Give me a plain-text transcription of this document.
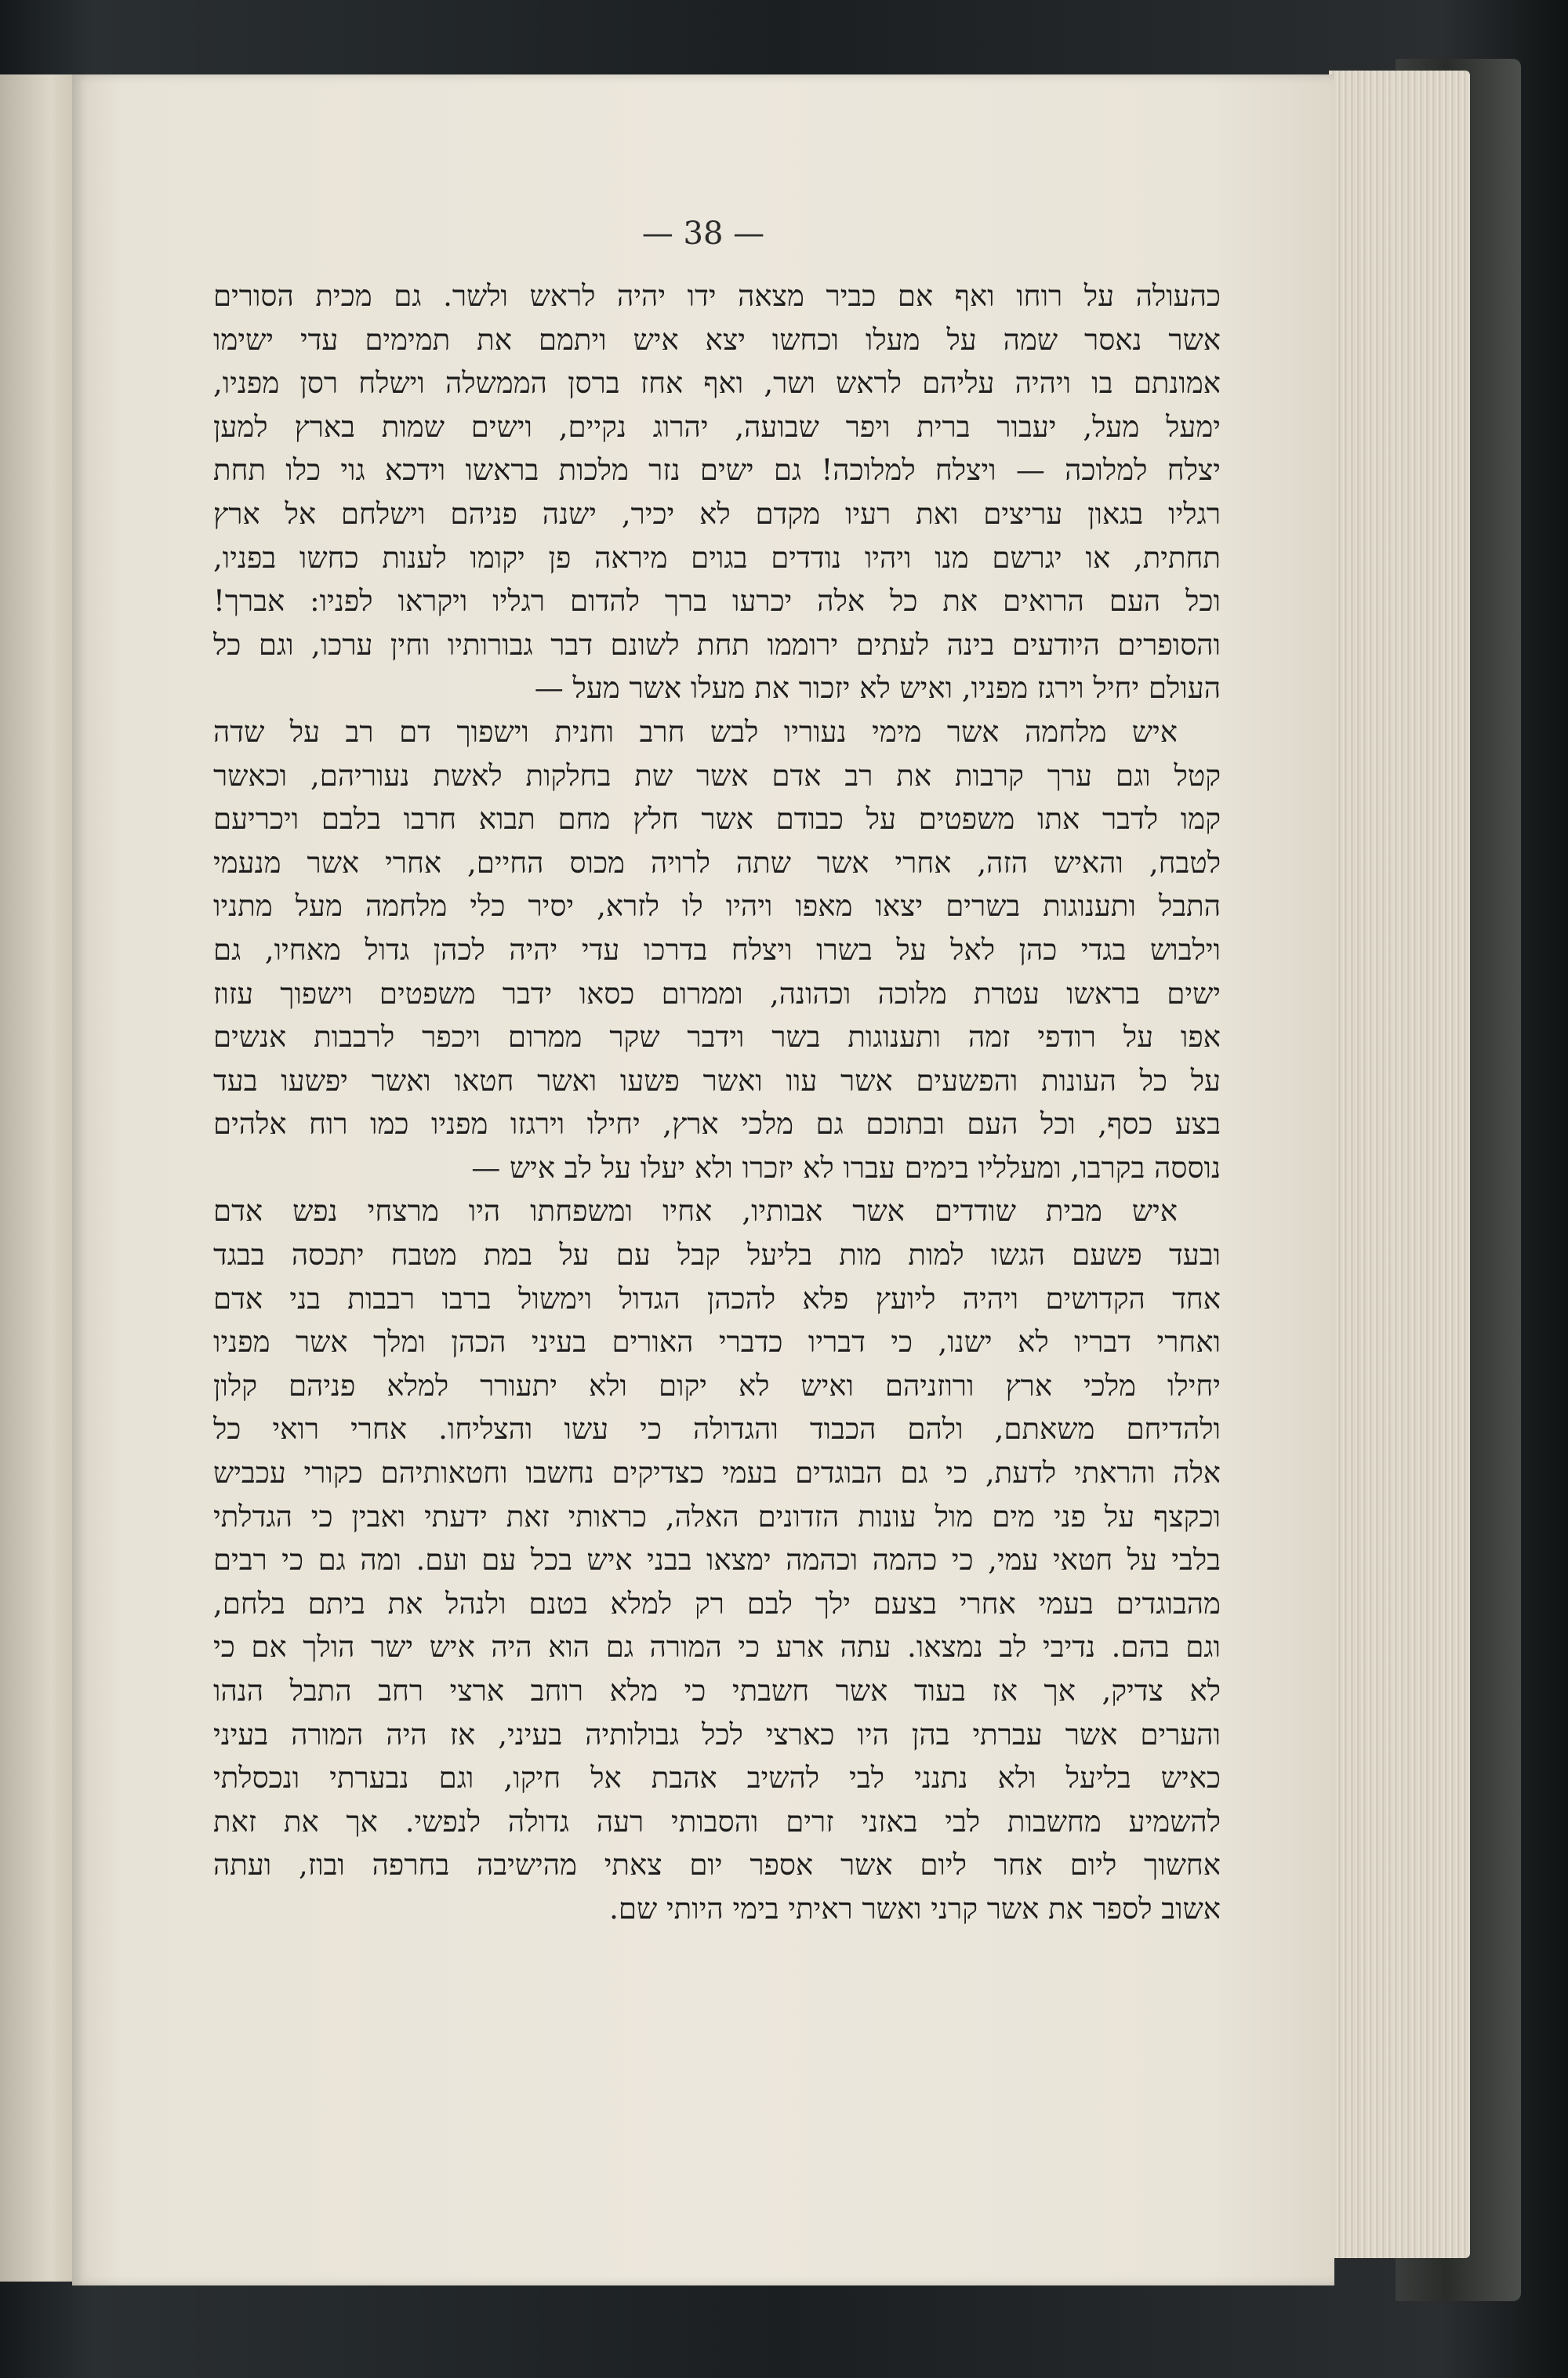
— 38 —
כהעולה על רוחו ואף אם כביר מצאה ידו יהיה לראש ולשר. גם מכית הסורים
אשר נאסר שמה על מעלו וכחשו יצא איש ויתמם את תמימים עדי ישימו
אמונתם בו ויהיה עליהם לראש ושר, ואף אחז ברסן הממשלה וישלח רסן מפניו,
ימעל מעל, יעבור ברית ויפר שבועה, יהרוג נקיים, וישים שמות בארץ למען
יצלח למלוכה — ויצלח למלוכה! גם ישים נזר מלכות בראשו וידכא גוי כלו תחת
רגליו בגאון עריצים ואת רעיו מקדם לא יכיר, ישנה פניהם וישלחם אל ארץ
תחתית, או יגרשם מנו ויהיו נודדים בגוים מיראה פן יקומו לענות כחשו בפניו,
וכל העם הרואים את כל אלה יכרעו ברך להדום רגליו ויקראו לפניו: אברך!
והסופרים היודעים בינה לעתים ירוממו תחת לשונם דבר גבורותיו וחין ערכו, וגם כל
העולם יחיל וירגז מפניו, ואיש לא יזכור את מעלו אשר מעל —
איש מלחמה אשר מימי נעוריו לבש חרב וחנית וישפוך דם רב על שדה
קטל וגם ערך קרבות את רב אדם אשר שת בחלקות לאשת נעוריהם, וכאשר
קמו לדבר אתו משפטים על כבודם אשר חלץ מחם תבוא חרבו בלבם ויכריעם
לטבח, והאיש הזה, אחרי אשר שתה לרויה מכוס החיים, אחרי אשר מנעמי
התבל ותענוגות בשרים יצאו מאפו ויהיו לו לזרא, יסיר כלי מלחמה מעל מתניו
וילבוש בגדי כהן לאל על בשרו ויצלח בדרכו עדי יהיה לכהן גדול מאחיו, גם
ישים בראשו עטרת מלוכה וכהונה, וממרום כסאו ידבר משפטים וישפוך עזוז
אפו על רודפי זמה ותענוגות בשר וידבר שקר ממרום ויכפר לרבבות אנשים
על כל העונות והפשעים אשר עוו ואשר פשעו ואשר חטאו ואשר יפשעו בעד
בצע כסף, וכל העם ובתוכם גם מלכי ארץ, יחילו וירגזו מפניו כמו רוח אלהים
נוססה בקרבו, ומעלליו בימים עברו לא יזכרו ולא יעלו על לב איש —
איש מבית שודדים אשר אבותיו, אחיו ומשפחתו היו מרצחי נפש אדם
ובעד פשעם הגשו למות מות בליעל קבל עם על במת מטבח יתכסה בבגד
אחד הקדושים ויהיה ליועץ פלא להכהן הגדול וימשול ברבו רבבות בני אדם
ואחרי דבריו לא ישנו, כי דבריו כדברי האורים בעיני הכהן ומלך אשר מפניו
יחילו מלכי ארץ ורוזניהם ואיש לא יקום ולא יתעורר למלא פניהם קלון
ולהדיחם משאתם, ולהם הכבוד והגדולה כי עשו והצליחו. אחרי רואי כל
אלה והראתי לדעת, כי גם הבוגדים בעמי כצדיקים נחשבו וחטאותיהם כקורי עכביש
וכקצף על פני מים מול עונות הזדונים האלה, כראותי זאת ידעתי ואבין כי הגדלתי
בלבי על חטאי עמי, כי כהמה וכהמה ימצאו בבני איש בכל עם ועם. ומה גם כי רבים
מהבוגדים בעמי אחרי בצעם ילך לבם רק למלא בטנם ולנהל את ביתם בלחם,
וגם בהם. נדיבי לב נמצאו. עתה ארע כי המורה גם הוא היה איש ישר הולך אם כי
לא צדיק, אך אז בעוד אשר חשבתי כי מלא רוחב ארצי רחב התבל הנהו
והערים אשר עברתי בהן היו כארצי לכל גבולותיה בעיני, אז היה המורה בעיני
כאיש בליעל ולא נתנני לבי להשיב אהבת אל חיקו, וגם נבערתי ונכסלתי
להשמיע מחשבות לבי באזני זרים והסבותי רעה גדולה לנפשי. אך את זאת
אחשוך ליום אחר ליום אשר אספר יום צאתי מהישיבה בחרפה ובוז, ועתה
אשוב לספר את אשר קרני ואשר ראיתי בימי היותי שם.
